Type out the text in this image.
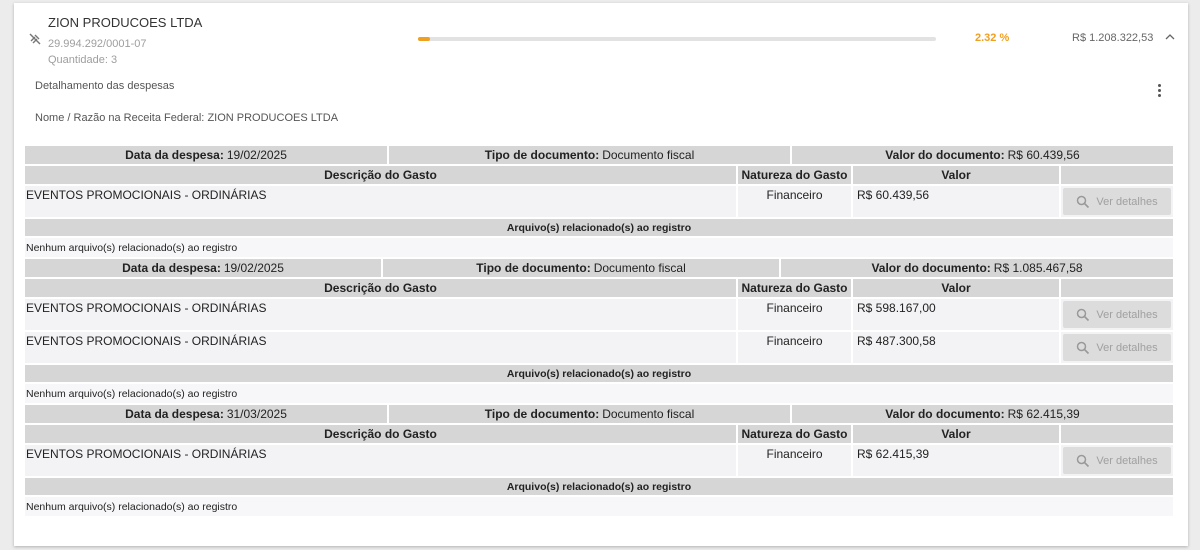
ZION PRODUCOES LTDA
29.994.292/0001-07
Quantidade: 3
2.32 %	R$ 1.208.322,53
Detalhamento das despesas
Nome / Razão na Receita Federal: ZION PRODUCOES LTDA
Data da despesa: 19/02/2025	Tipo de documento: Documento fiscal	Valor do documento: R$ 60.439,56
Descrição do Gasto	Natureza do Gasto	Valor
EVENTOS PROMOCIONAIS - ORDINÁRIAS	Financeiro	R$ 60.439,56	Ver detalhes
Arquivo(s) relacionado(s) ao registro
Nenhum arquivo(s) relacionado(s) ao registro
Data da despesa: 19/02/2025	Tipo de documento: Documento fiscal	Valor do documento: R$ 1.085.467,58
Descrição do Gasto	Natureza do Gasto	Valor
EVENTOS PROMOCIONAIS - ORDINÁRIAS	Financeiro	R$ 598.167,00	Ver detalhes
EVENTOS PROMOCIONAIS - ORDINÁRIAS	Financeiro	R$ 487.300,58	Ver detalhes
Arquivo(s) relacionado(s) ao registro
Nenhum arquivo(s) relacionado(s) ao registro
Data da despesa: 31/03/2025	Tipo de documento: Documento fiscal	Valor do documento: R$ 62.415,39
Descrição do Gasto	Natureza do Gasto	Valor
EVENTOS PROMOCIONAIS - ORDINÁRIAS	Financeiro	R$ 62.415,39	Ver detalhes
Arquivo(s) relacionado(s) ao registro
Nenhum arquivo(s) relacionado(s) ao registro
